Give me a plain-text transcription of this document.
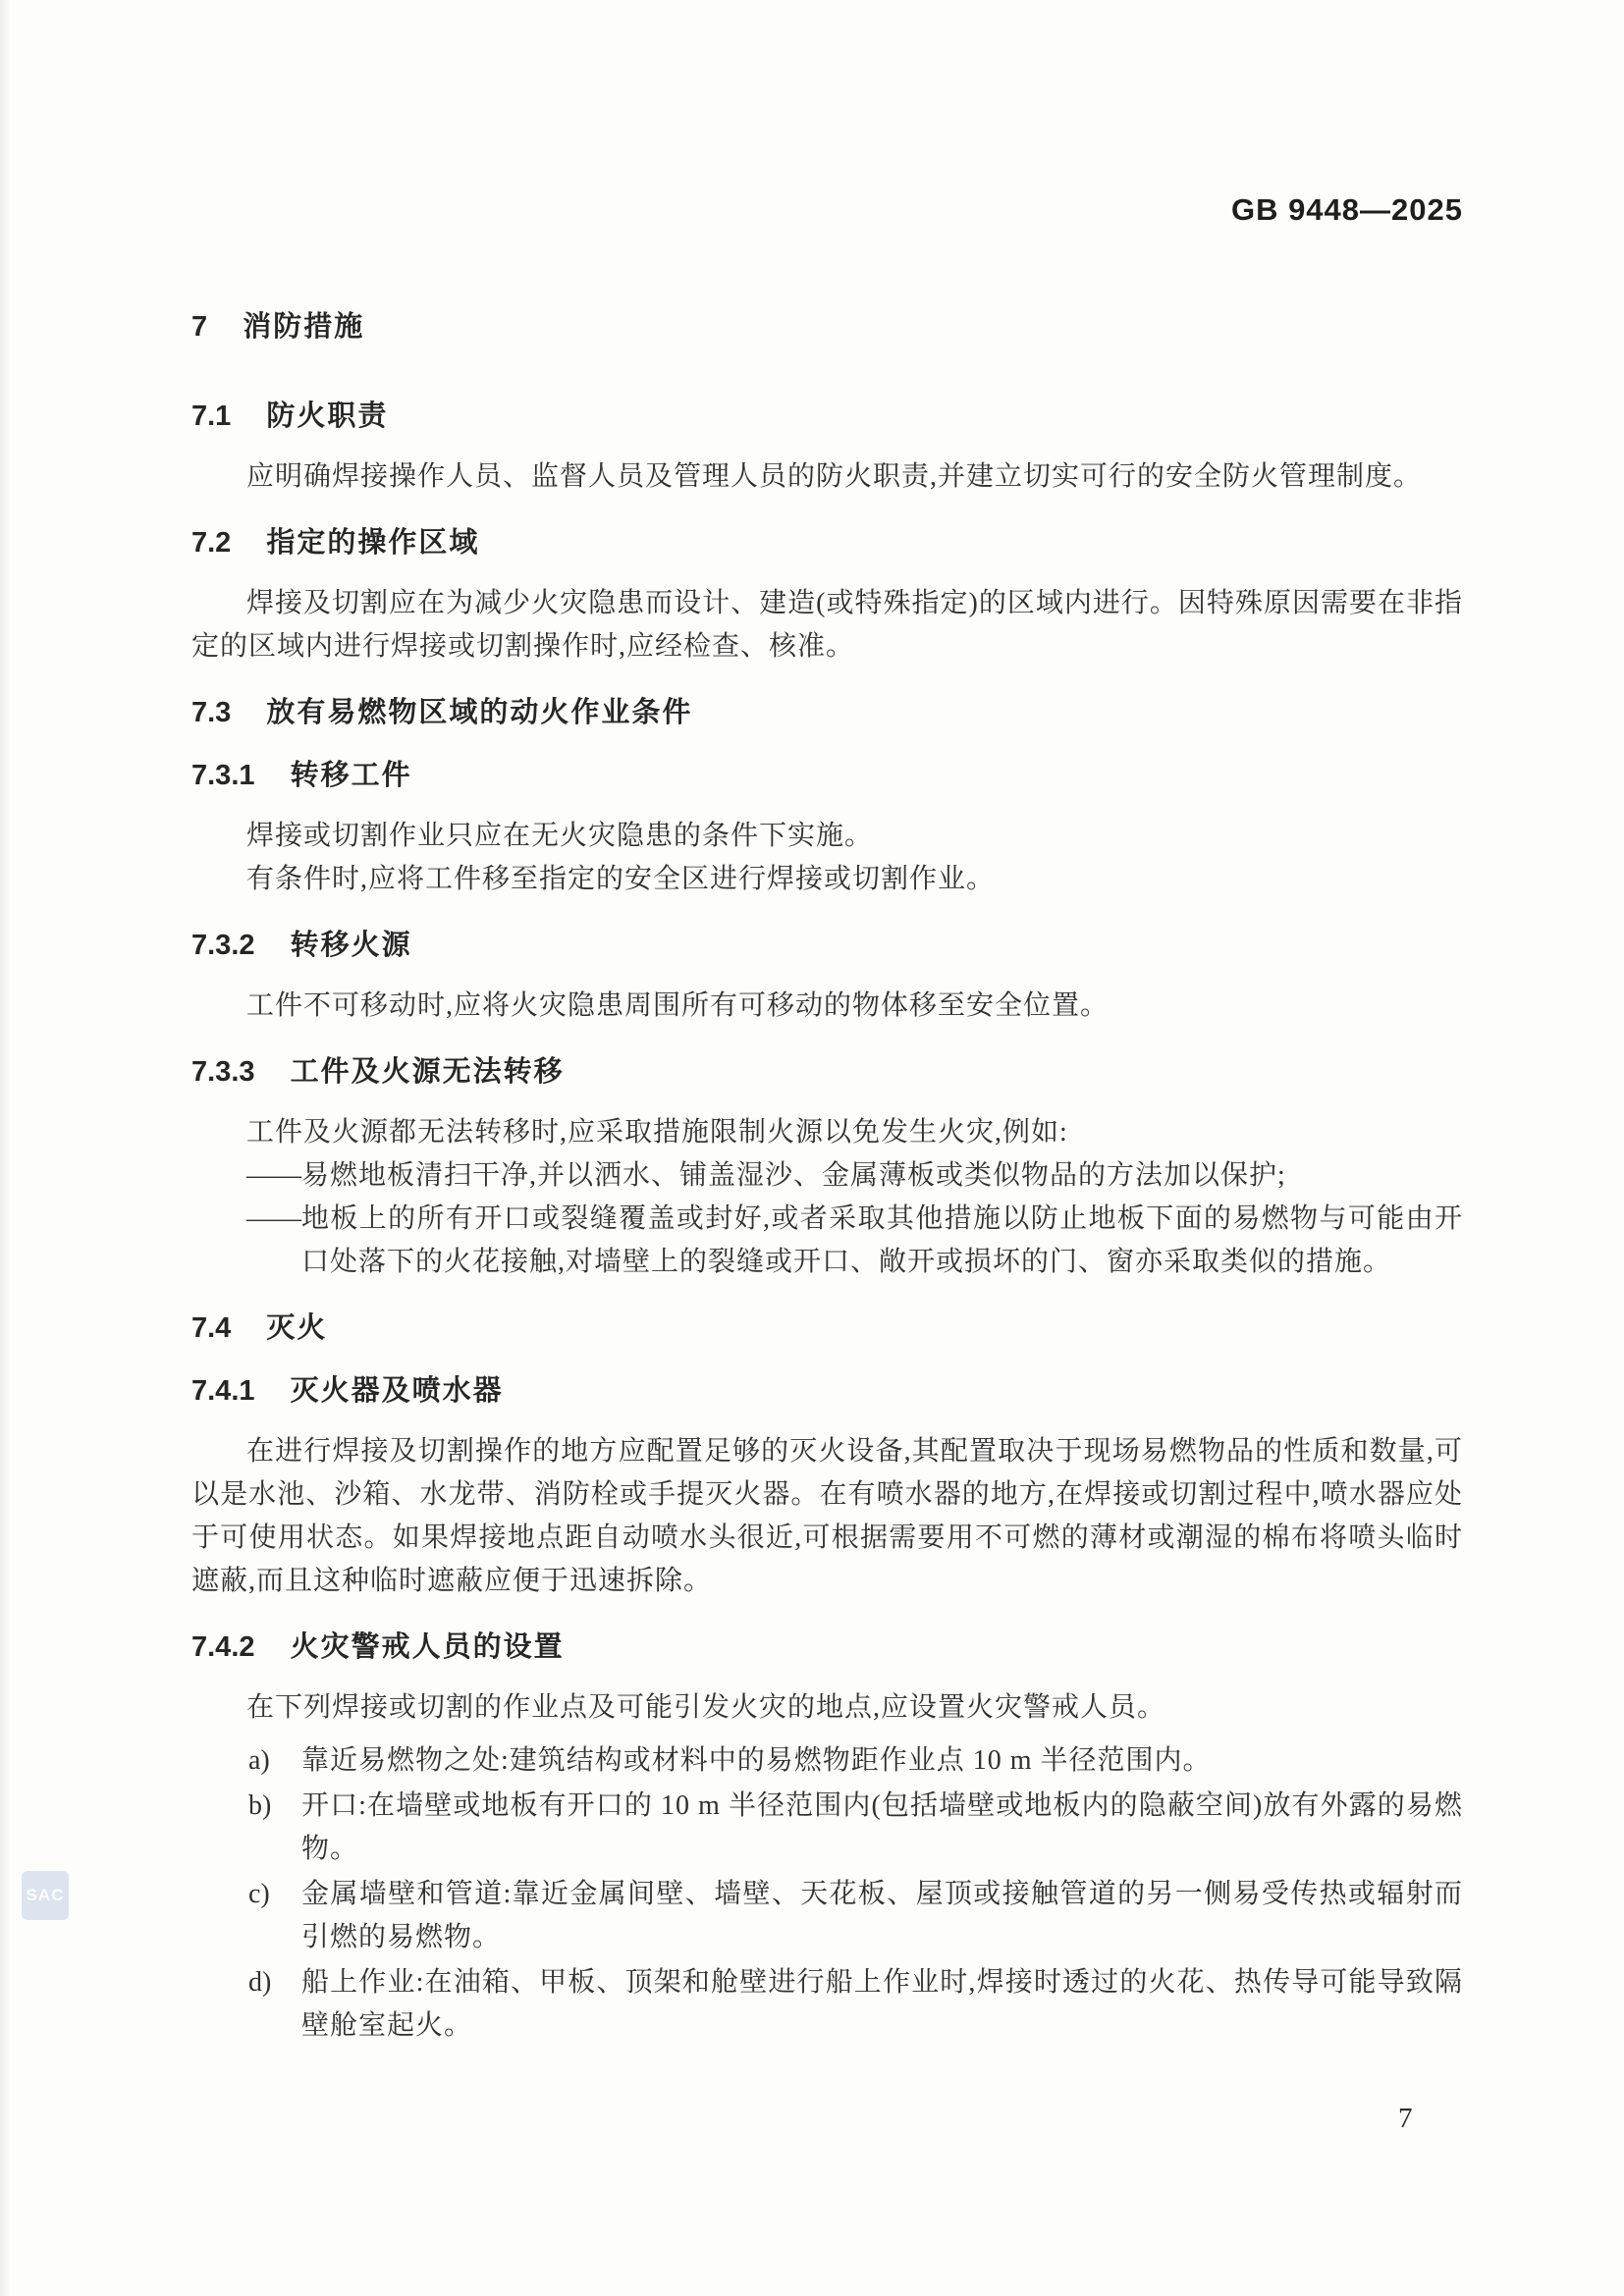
GB 9448—2025
7 消防措施
7.1 防火职责

应明确焊接操作人员、监督人员及管理人员的防火职责,并建立切实可行的安全防火管理制度。

7.2 指定的操作区域

焊接及切割应在为减少火灾隐患而设计、建造(或特殊指定)的区域内进行。因特殊原因需要在非指定的区域内进行焊接或切割操作时,应经检查、核准。

7.3 放有易燃物区域的动火作业条件
7.3.1 转移工件

焊接或切割作业只应在无火灾隐患的条件下实施。

有条件时,应将工件移至指定的安全区进行焊接或切割作业。

7.3.2 转移火源

工件不可移动时,应将火灾隐患周围所有可移动的物体移至安全位置。

7.3.3 工件及火源无法转移

工件及火源都无法转移时,应采取措施限制火源以免发生火灾,例如:

—— 易燃地板清扫干净,并以洒水、铺盖湿沙、金属薄板或类似物品的方法加以保护;
—— 地板上的所有开口或裂缝覆盖或封好,或者采取其他措施以防止地板下面的易燃物与可能由开口处落下的火花接触,对墙壁上的裂缝或开口、敞开或损坏的门、窗亦采取类似的措施。
7.4 灭火
7.4.1 灭火器及喷水器

在进行焊接及切割操作的地方应配置足够的灭火设备,其配置取决于现场易燃物品的性质和数量,可以是水池、沙箱、水龙带、消防栓或手提灭火器。在有喷水器的地方,在焊接或切割过程中,喷水器应处于可使用状态。如果焊接地点距自动喷水头很近,可根据需要用不可燃的薄材或潮湿的棉布将喷头临时遮蔽,而且这种临时遮蔽应便于迅速拆除。

7.4.2 火灾警戒人员的设置

在下列焊接或切割的作业点及可能引发火灾的地点,应设置火灾警戒人员。

a) 靠近易燃物之处:建筑结构或材料中的易燃物距作业点 10 m 半径范围内。
b) 开口:在墙壁或地板有开口的 10 m 半径范围内(包括墙壁或地板内的隐蔽空间)放有外露的易燃物。
c) 金属墙壁和管道:靠近金属间壁、墙壁、天花板、屋顶或接触管道的另一侧易受传热或辐射而引燃的易燃物。
d) 船上作业:在油箱、甲板、顶架和舱壁进行船上作业时,焊接时透过的火花、热传导可能导致隔壁舱室起火。
SAC
7
